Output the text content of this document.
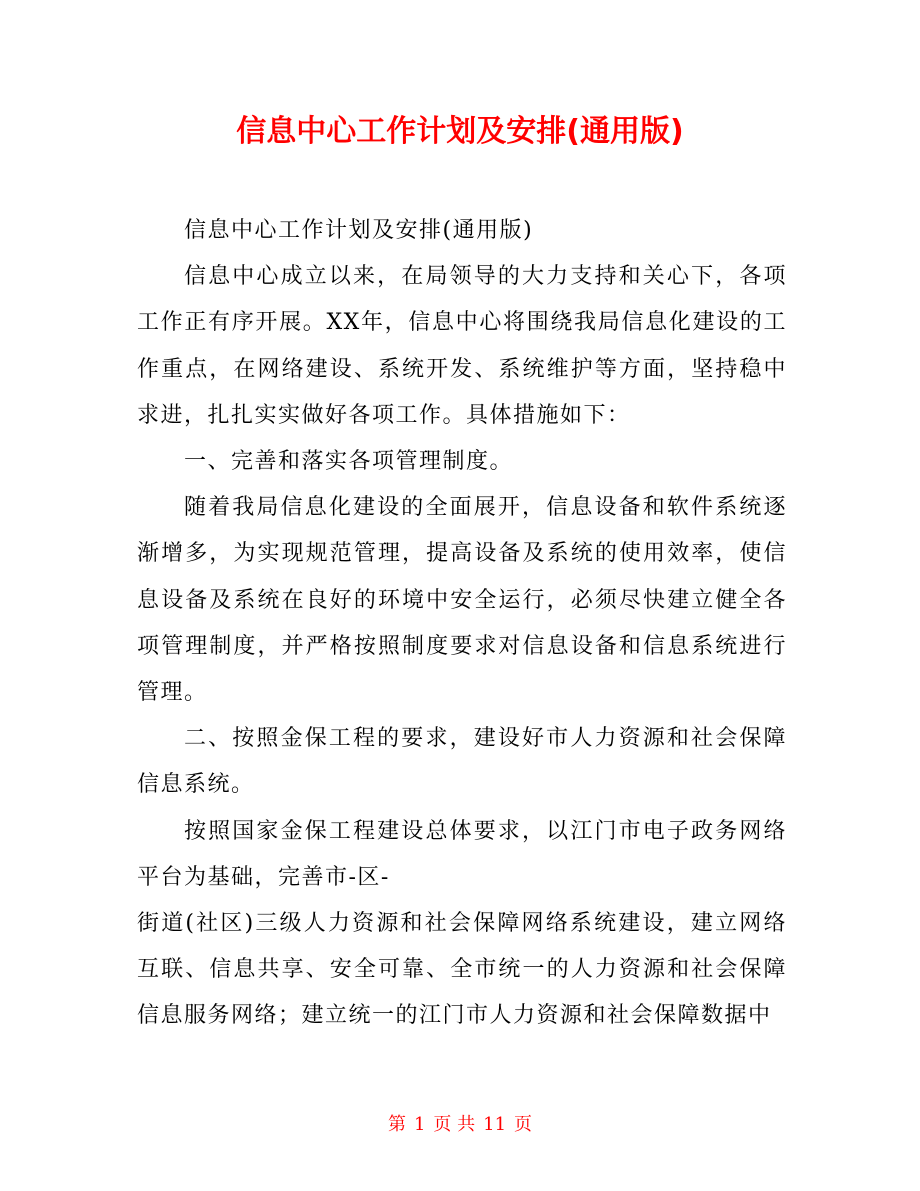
信息中心工作计划及安排(通用版)

信息中心工作计划及安排(通用版)

信息中心成立以来，在局领导的大力支持和关心下，各项工作正有序开展。XX年，信息中心将围绕我局信息化建设的工作重点，在网络建设、系统开发、系统维护等方面，坚持稳中求进，扎扎实实做好各项工作。具体措施如下：

一、完善和落实各项管理制度。

随着我局信息化建设的全面展开，信息设备和软件系统逐渐增多，为实现规范管理，提高设备及系统的使用效率，使信息设备及系统在良好的环境中安全运行，必须尽快建立健全各项管理制度，并严格按照制度要求对信息设备和信息系统进行管理。

二、按照金保工程的要求，建设好市人力资源和社会保障信息系统。

按照国家金保工程建设总体要求，以江门市电子政务网络平台为基础，完善市-区-

街道(社区)三级人力资源和社会保障网络系统建设，建立网络互联、信息共享、安全可靠、全市统一的人力资源和社会保障信息服务网络；建立统一的江门市人力资源和社会保障数据中

第 1 页 共 11 页
